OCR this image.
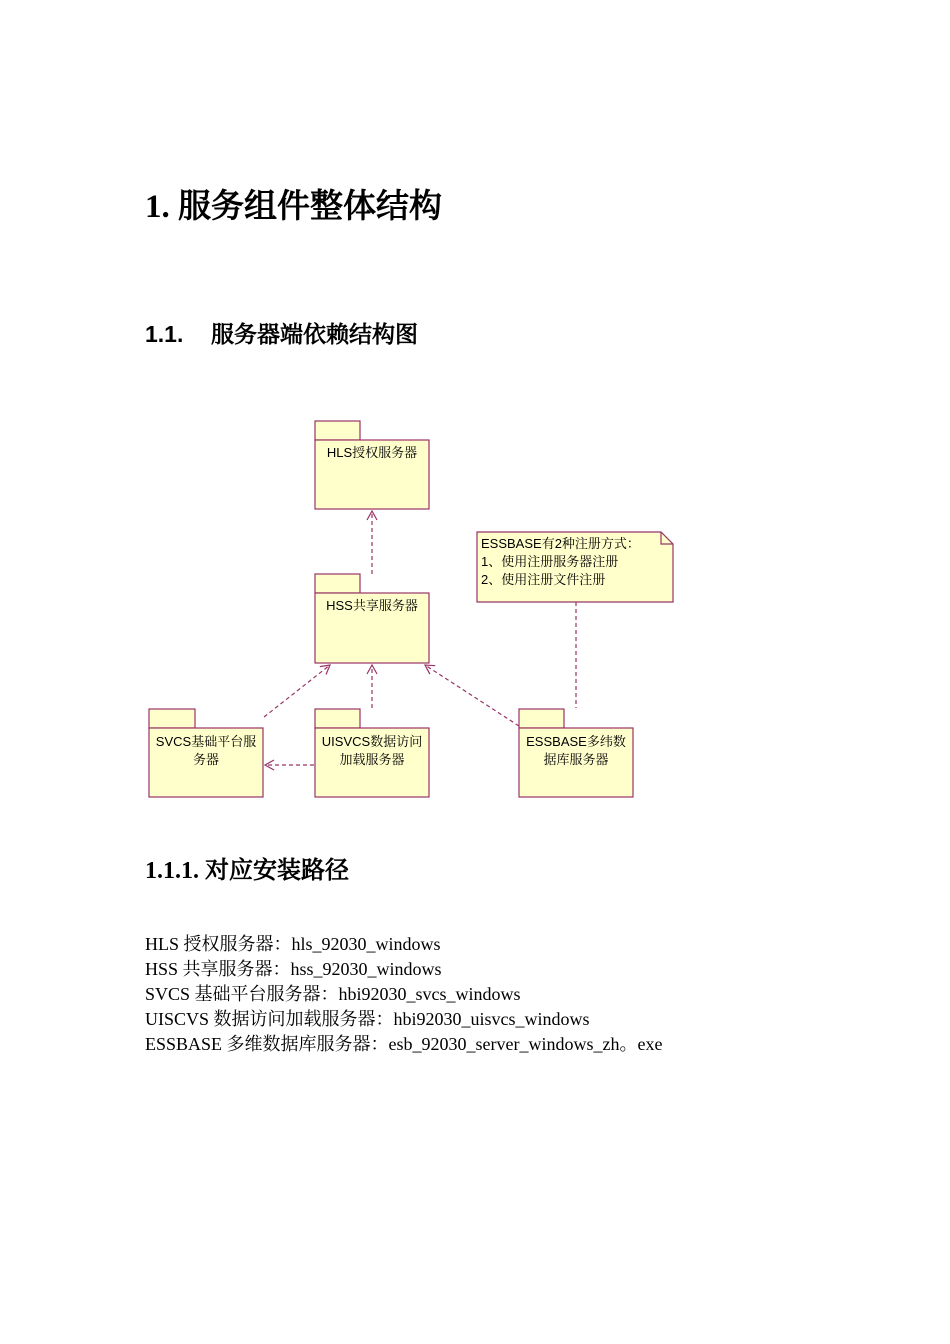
1. 服务组件整体结构
1.1. 服务器端依赖结构图
HLS授权服务器
HSS共享服务器
SVCS基础平台服
务器
UISVCS数据访问
加载服务器
ESSBASE多纬数
据库服务器
ESSBASE有2种注册方式：
1、使用注册服务器注册
2、使用注册文件注册
1.1.1. 对应安装路径
HLS 授权服务器：hls_92030_windows
HSS 共享服务器：hss_92030_windows
SVCS 基础平台服务器：hbi92030_svcs_windows
UISCVS 数据访问加载服务器：hbi92030_uisvcs_windows
ESSBASE 多维数据库服务器：esb_92030_server_windows_zh。exe
